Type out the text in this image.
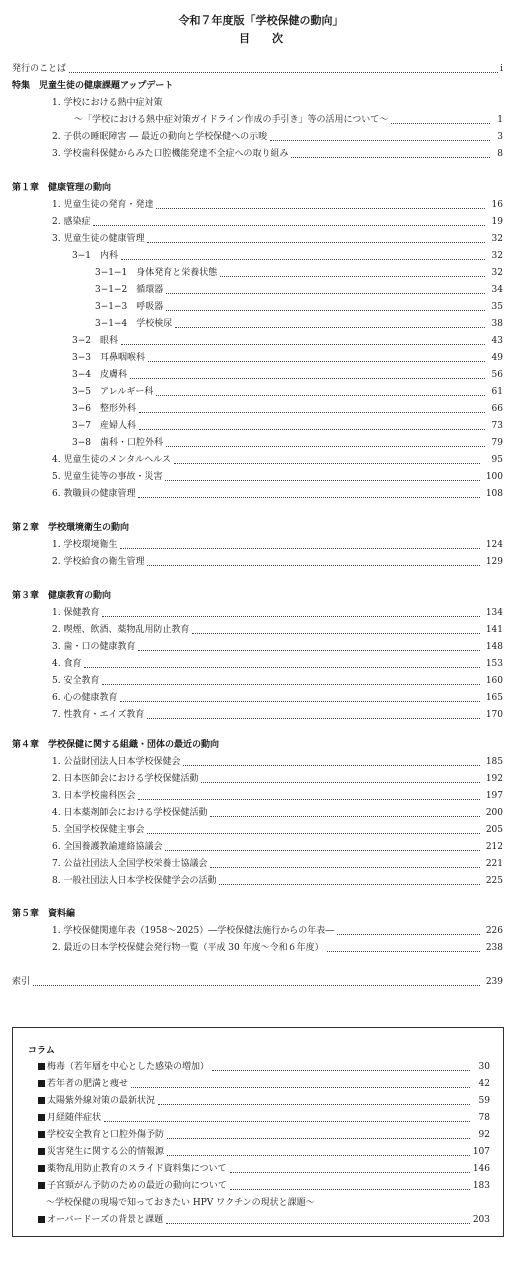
令和７年度版「学校保健の動向」
目　　次
発行のことば	i
特集　児童生徒の健康課題アップデート
1. 学校における熱中症対策
〜「学校における熱中症対策ガイドライン作成の手引き」等の活用について〜	1
2. 子供の睡眠障害 ― 最近の動向と学校保健への示唆	3
3. 学校歯科保健からみた口腔機能発達不全症への取り組み	8
第１章　健康管理の動向
1. 児童生徒の発育・発達	16
2. 感染症	19
3. 児童生徒の健康管理	32
3−1　内科	32
3−1−1　身体発育と栄養状態	32
3−1−2　循環器	34
3−1−3　呼吸器	35
3−1−4　学校検尿	38
3−2　眼科	43
3−3　耳鼻咽喉科	49
3−4　皮膚科	56
3−5　アレルギー科	61
3−6　整形外科	66
3−7　産婦人科	73
3−8　歯科・口腔外科	79
4. 児童生徒のメンタルヘルス	95
5. 児童生徒等の事故・災害	100
6. 教職員の健康管理	108
第２章　学校環境衛生の動向
1. 学校環境衛生	124
2. 学校給食の衛生管理	129
第３章　健康教育の動向
1. 保健教育	134
2. 喫煙、飲酒、薬物乱用防止教育	141
3. 歯・口の健康教育	148
4. 食育	153
5. 安全教育	160
6. 心の健康教育	165
7. 性教育・エイズ教育	170
第４章　学校保健に関する組織・団体の最近の動向
1. 公益財団法人日本学校保健会	185
2. 日本医師会における学校保健活動	192
3. 日本学校歯科医会	197
4. 日本薬剤師会における学校保健活動	200
5. 全国学校保健主事会	205
6. 全国養護教諭連絡協議会	212
7. 公益社団法人全国学校栄養士協議会	221
8. 一般社団法人日本学校保健学会の活動	225
第５章　資料編
1. 学校保健関連年表（1958〜2025）―学校保健法施行からの年表―	226
2. 最近の日本学校保健会発行物一覧（平成 30 年度〜令和６年度）	238
索引	239
コラム
梅毒（若年層を中心とした感染の増加）	30
若年者の肥満と痩せ	42
太陽紫外線対策の最新状況	59
月経随伴症状	78
学校安全教育と口腔外傷予防	92
災害発生に関する公的情報源	107
薬物乱用防止教育のスライド資料集について	146
子宮頸がん予防のための最近の動向について	183
〜学校保健の現場で知っておきたい HPV ワクチンの現状と課題〜
オーバードーズの背景と課題	203
